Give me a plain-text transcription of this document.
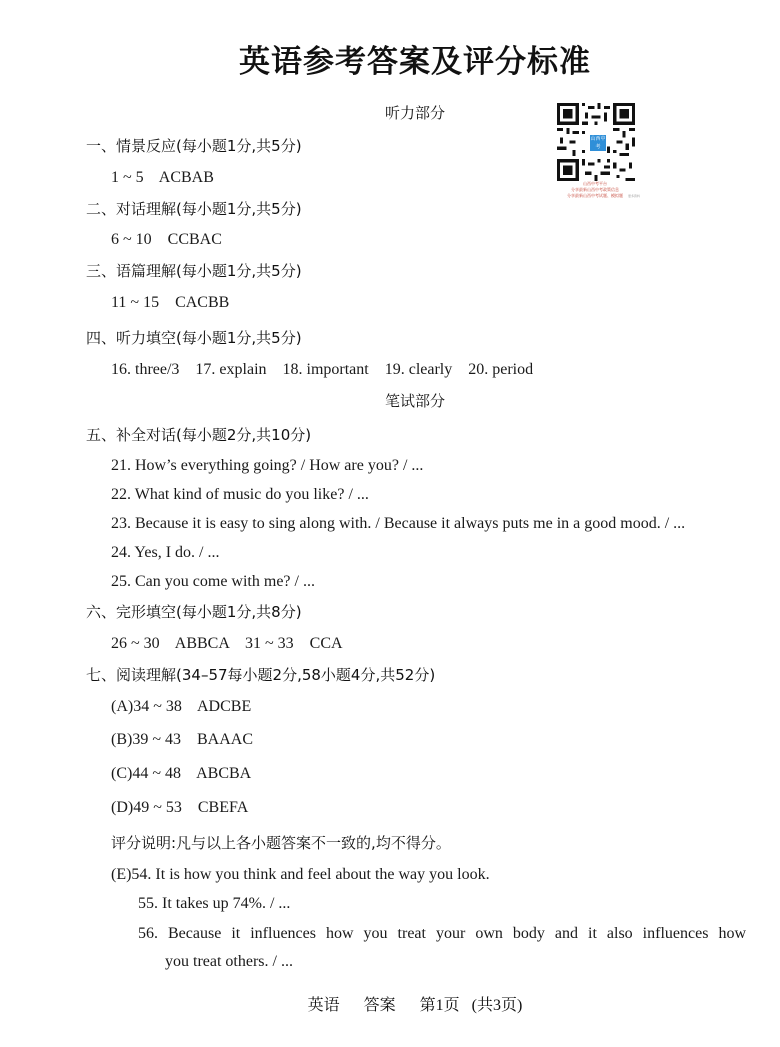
英语参考答案及评分标准
山西中考
山西中考平台
分享最新山西中考政策信息
分享最新山西中考试题、模拟题	更多资料
听力部分
一、情景反应(每小题1分,共5分)
1 ~ 5    ACBAB
二、对话理解(每小题1分,共5分)
6 ~ 10    CCBAC
三、语篇理解(每小题1分,共5分)
11 ~ 15    CACBB
四、听力填空(每小题1分,共5分)
16. three/3    17. explain    18. important    19. clearly    20. period
笔试部分
五、补全对话(每小题2分,共10分)
21. How’s everything going? / How are you? / ...
22. What kind of music do you like? / ...
23. Because it is easy to sing along with. / Because it always puts me in a good mood. / ...
24. Yes, I do. / ...
25. Can you come with me? / ...
六、完形填空(每小题1分,共8分)
26 ~ 30    ABBCA    31 ~ 33    CCA
七、阅读理解(34–57每小题2分,58小题4分,共52分)
(A)34 ~ 38    ADCBE
(B)39 ~ 43    BAAAC
(C)44 ~ 48    ABCBA
(D)49 ~ 53    CBEFA
评分说明:凡与以上各小题答案不一致的,均不得分。
(E)54. It is how you think and feel about the way you look.
55. It takes up 74%. / ...
56. Because it influences how you treat your own body and it also influences how
you treat others. / ...
英语  答案  第1页 (共3页)
